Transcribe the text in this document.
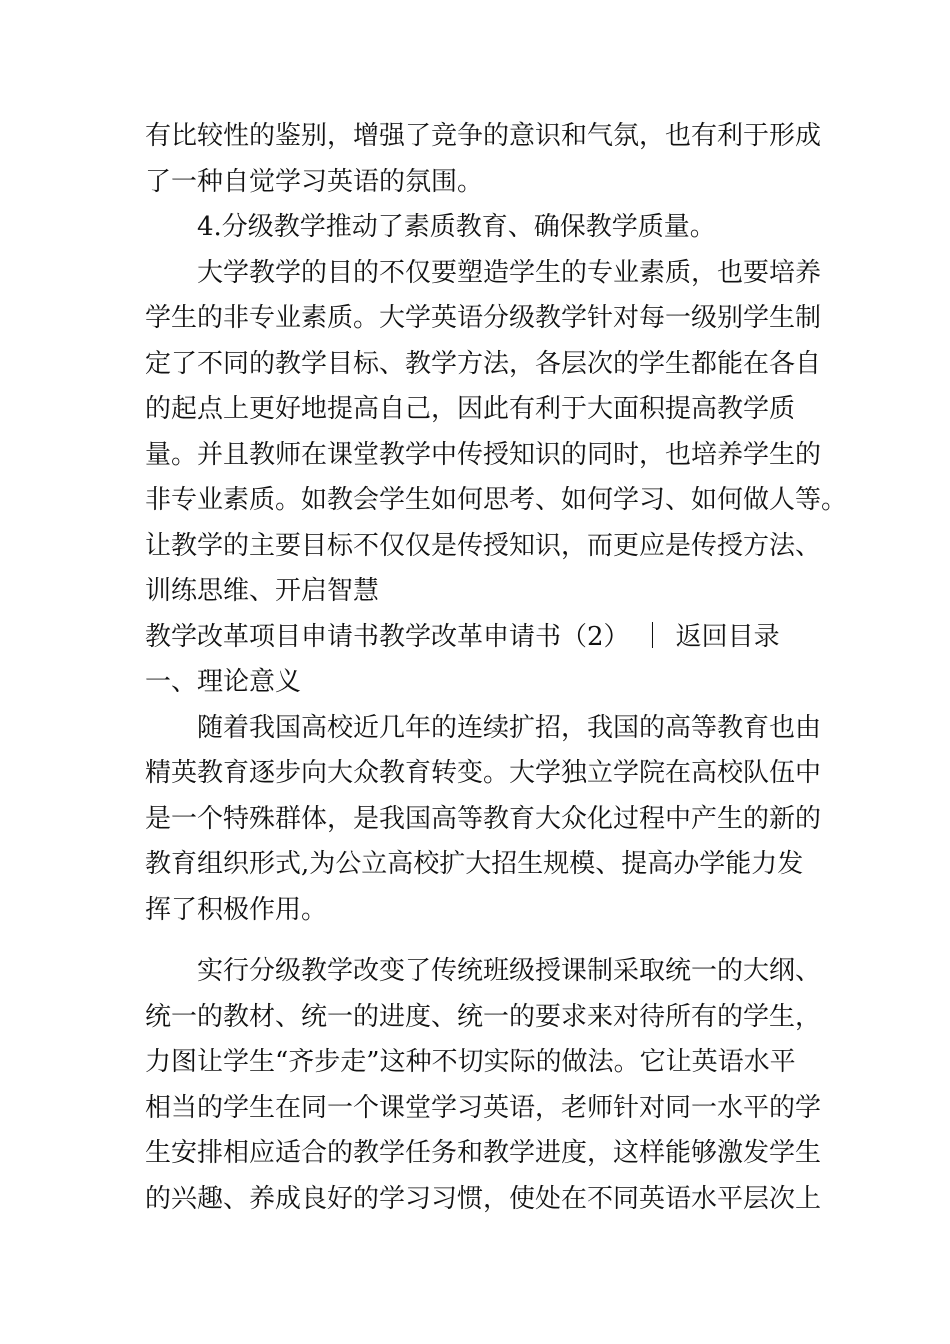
有比较性的鉴别，增强了竞争的意识和气氛，也有利于形成
了一种自觉学习英语的氛围。
4.分级教学推动了素质教育、确保教学质量。
大学教学的目的不仅要塑造学生的专业素质，也要培养
学生的非专业素质。大学英语分级教学针对每一级别学生制
定了不同的教学目标、教学方法，各层次的学生都能在各自
的起点上更好地提高自己，因此有利于大面积提高教学质
量。并且教师在课堂教学中传授知识的同时，也培养学生的
非专业素质。如教会学生如何思考、如何学习、如何做人等。
让教学的主要目标不仅仅是传授知识，而更应是传授方法、
训练思维、开启智慧
教学改革项目申请书教学改革申请书（2） ｜ 返回目录
一、理论意义
随着我国高校近几年的连续扩招，我国的高等教育也由
精英教育逐步向大众教育转变。大学独立学院在高校队伍中
是一个特殊群体，是我国高等教育大众化过程中产生的新的
教育组织形式,为公立高校扩大招生规模、提高办学能力发
挥了积极作用。
实行分级教学改变了传统班级授课制采取统一的大纲、
统一的教材、统一的进度、统一的要求来对待所有的学生，
力图让学生“齐步走”这种不切实际的做法。它让英语水平
相当的学生在同一个课堂学习英语，老师针对同一水平的学
生安排相应适合的教学任务和教学进度，这样能够激发学生
的兴趣、养成良好的学习习惯，使处在不同英语水平层次上
